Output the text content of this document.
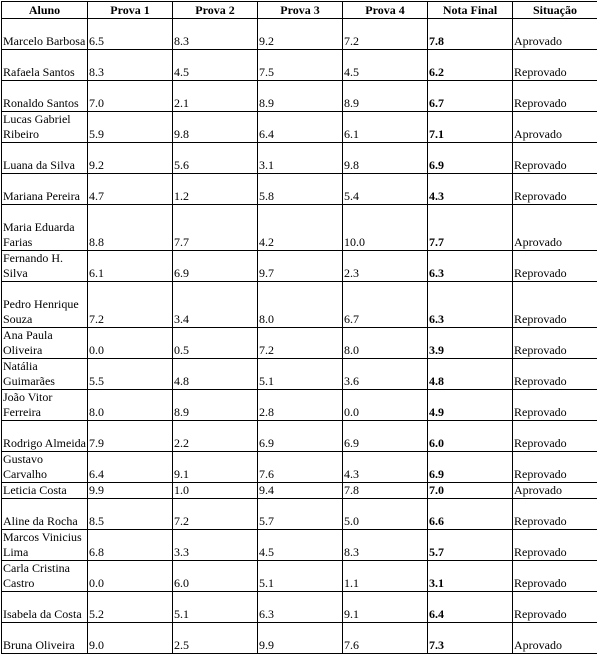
Aluno	Prova 1	Prova 2	Prova 3	Prova 4	Nota Final	Situação
Marcelo Barbosa	6.5	8.3	9.2	7.2	7.8	Aprovado
Rafaela Santos	8.3	4.5	7.5	4.5	6.2	Reprovado
Ronaldo Santos	7.0	2.1	8.9	8.9	6.7	Reprovado
Lucas Gabriel Ribeiro	5.9	9.8	6.4	6.1	7.1	Aprovado
Luana da Silva	9.2	5.6	3.1	9.8	6.9	Reprovado
Mariana Pereira	4.7	1.2	5.8	5.4	4.3	Reprovado
Maria Eduarda Farias	8.8	7.7	4.2	10.0	7.7	Aprovado
Fernando H. Silva	6.1	6.9	9.7	2.3	6.3	Reprovado
Pedro Henrique Souza	7.2	3.4	8.0	6.7	6.3	Reprovado
Ana Paula Oliveira	0.0	0.5	7.2	8.0	3.9	Reprovado
Natália Guimarães	5.5	4.8	5.1	3.6	4.8	Reprovado
João Vitor Ferreira	8.0	8.9	2.8	0.0	4.9	Reprovado
Rodrigo Almeida	7.9	2.2	6.9	6.9	6.0	Reprovado
Gustavo Carvalho	6.4	9.1	7.6	4.3	6.9	Reprovado
Leticia Costa	9.9	1.0	9.4	7.8	7.0	Aprovado
Aline da Rocha	8.5	7.2	5.7	5.0	6.6	Reprovado
Marcos Vinicius Lima	6.8	3.3	4.5	8.3	5.7	Reprovado
Carla Cristina Castro	0.0	6.0	5.1	1.1	3.1	Reprovado
Isabela da Costa	5.2	5.1	6.3	9.1	6.4	Reprovado
Bruna Oliveira	9.0	2.5	9.9	7.6	7.3	Aprovado
